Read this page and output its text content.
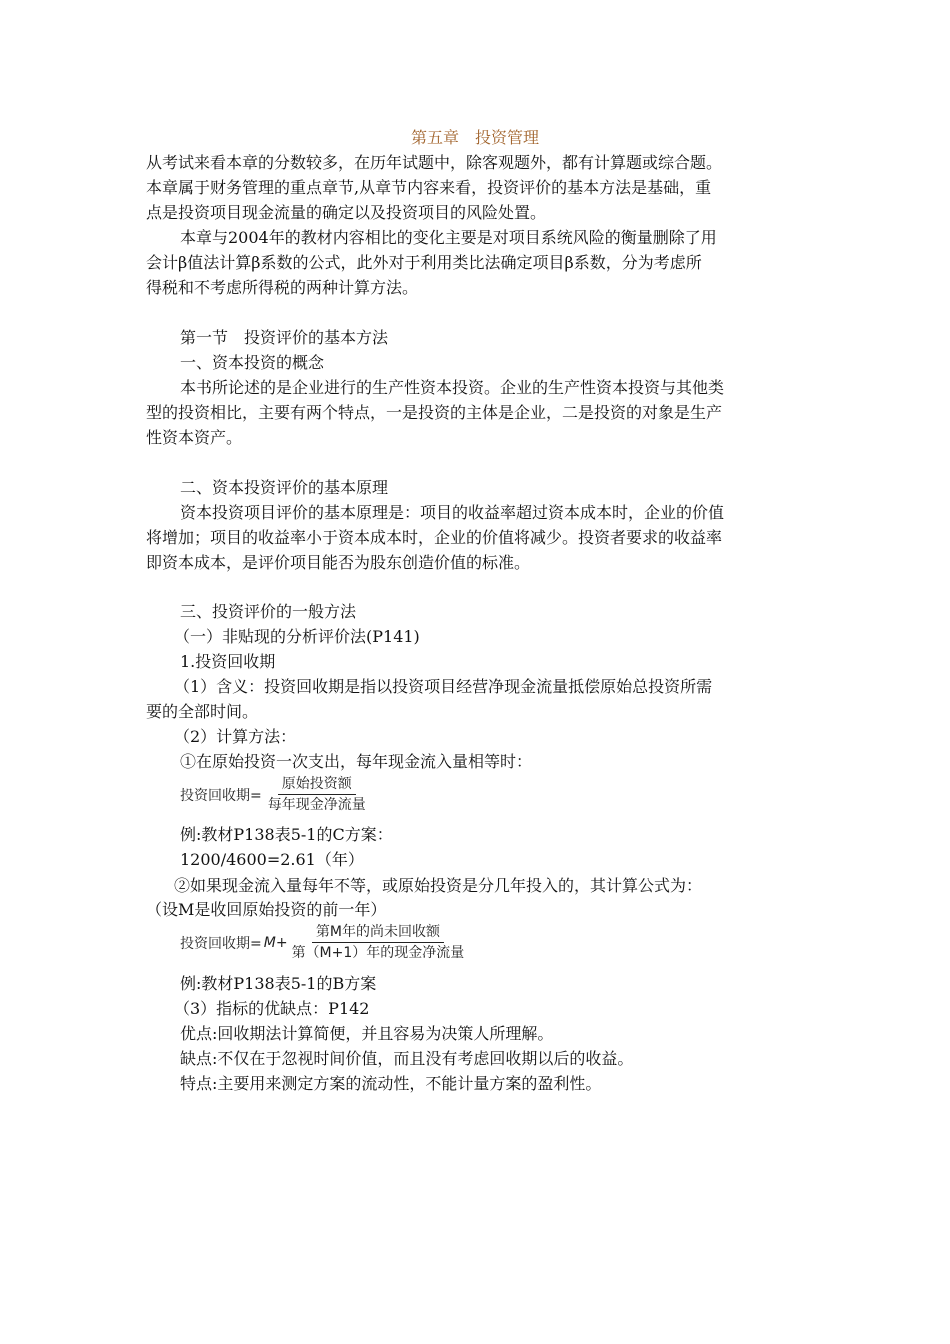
第五章　投资管理
从考试来看本章的分数较多，在历年试题中，除客观题外，都有计算题或综合题。
本章属于财务管理的重点章节,从章节内容来看，投资评价的基本方法是基础，重
点是投资项目现金流量的确定以及投资项目的风险处置。
本章与2004年的教材内容相比的变化主要是对项目系统风险的衡量删除了用
会计β值法计算β系数的公式，此外对于利用类比法确定项目β系数，分为考虑所
得税和不考虑所得税的两种计算方法。
第一节　投资评价的基本方法
一、资本投资的概念
本书所论述的是企业进行的生产性资本投资。企业的生产性资本投资与其他类
型的投资相比，主要有两个特点，一是投资的主体是企业，二是投资的对象是生产
性资本资产。
二、资本投资评价的基本原理
资本投资项目评价的基本原理是：项目的收益率超过资本成本时，企业的价值
将增加；项目的收益率小于资本成本时，企业的价值将减少。投资者要求的收益率
即资本成本，是评价项目能否为股东创造价值的标准。
三、投资评价的一般方法
（一）非贴现的分析评价法(P141)
1.投资回收期
（1）含义：投资回收期是指以投资项目经营净现金流量抵偿原始总投资所需
要的全部时间。
（2）计算方法：
①在原始投资一次支出，每年现金流入量相等时：
投资回收期= $\frac{\text{原始投资额}}{\text{每年现金净流量}}$
例:教材P138表5-1的C方案：
1200/4600=2.61（年）
②如果现金流入量每年不等，或原始投资是分几年投入的，其计算公式为：
（设M是收回原始投资的前一年）
投资回收期= $M + \frac{\text{第M年的尚未回收额}}{\text{第（M+1）年的现金净流量}}$
例:教材P138表5-1的B方案
（3）指标的优缺点：P142
优点:回收期法计算简便，并且容易为决策人所理解。
缺点:不仅在于忽视时间价值，而且没有考虑回收期以后的收益。
特点:主要用来测定方案的流动性，不能计量方案的盈利性。
